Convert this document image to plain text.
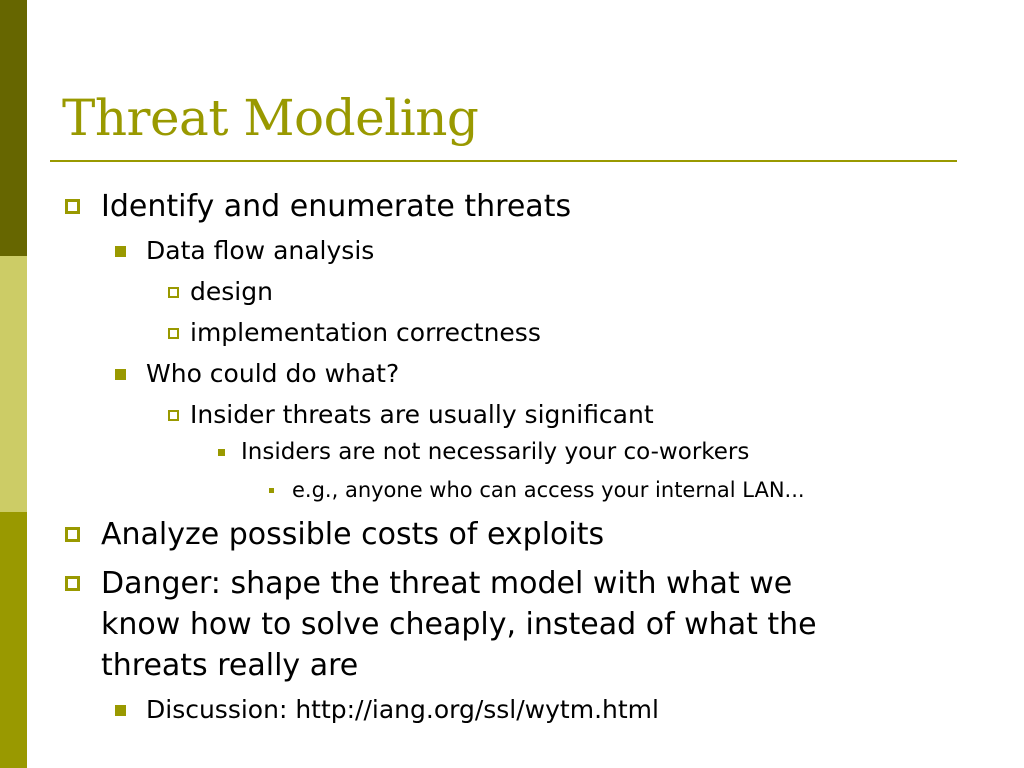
Threat Modeling
Identify and enumerate threats
Data flow analysis
design
implementation correctness
Who could do what?
Insider threats are usually significant
Insiders are not necessarily your co-workers
e.g., anyone who can access your internal LAN...
Analyze possible costs of exploits
Danger: shape the threat model with what we
know how to solve cheaply, instead of what the
threats really are
Discussion: http://iang.org/ssl/wytm.html
